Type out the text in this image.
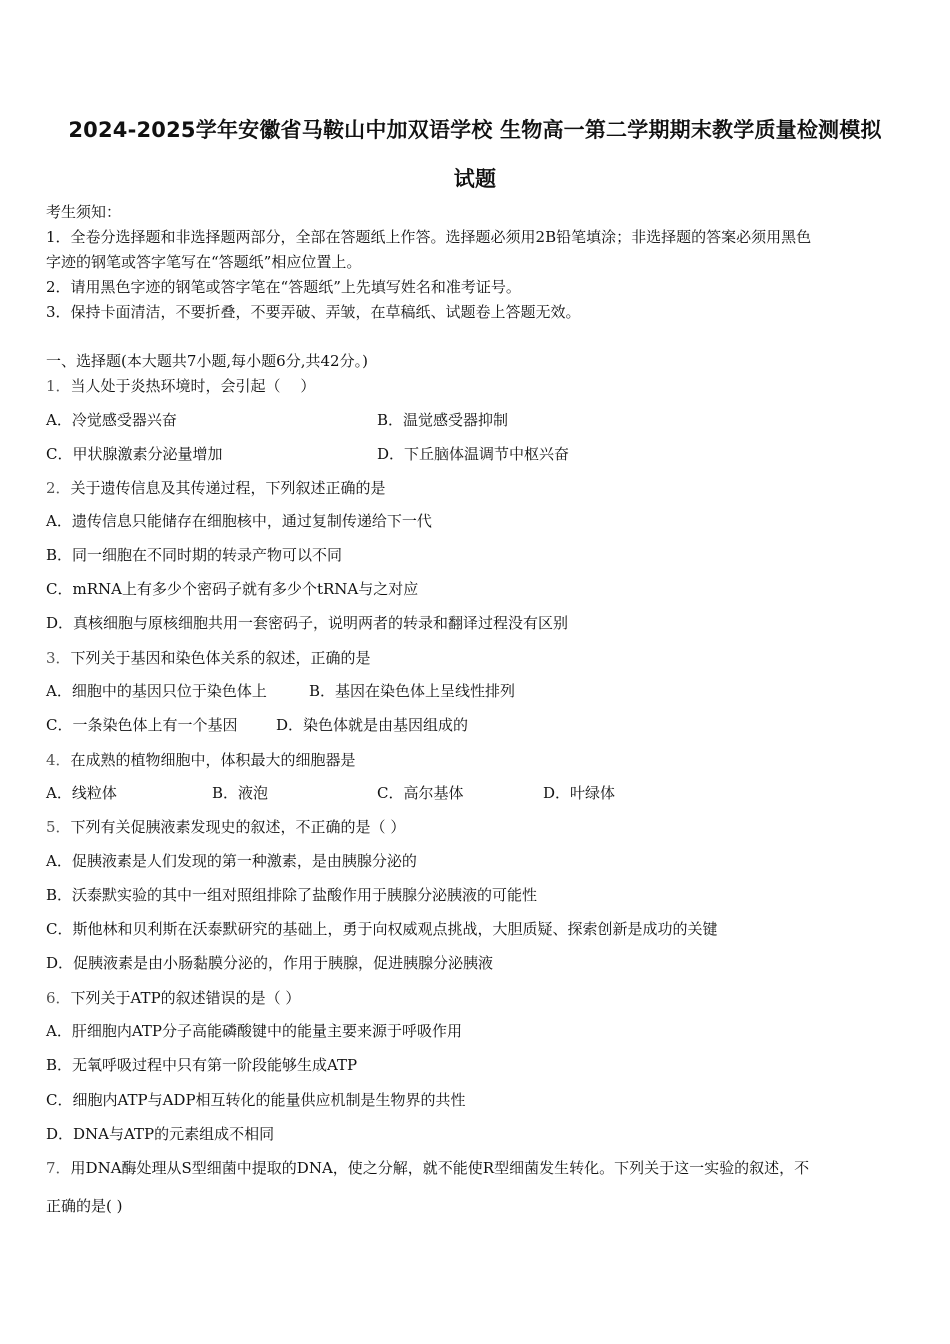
2024-2025学年安徽省马鞍山中加双语学校 生物高一第二学期期末教学质量检测模拟
试题
考生须知：
1．全卷分选择题和非选择题两部分，全部在答题纸上作答。选择题必须用2B铅笔填涂；非选择题的答案必须用黑色
字迹的钢笔或答字笔写在“答题纸”相应位置上。
2．请用黑色字迹的钢笔或答字笔在“答题纸”上先填写姓名和准考证号。
3．保持卡面清洁，不要折叠，不要弄破、弄皱，在草稿纸、试题卷上答题无效。
一、选择题(本大题共7小题,每小题6分,共42分。)
1．当人处于炎热环境时，会引起（　 ）
A．冷觉感受器兴奋	B．温觉感受器抑制
C．甲状腺激素分泌量增加	D．下丘脑体温调节中枢兴奋
2．关于遗传信息及其传递过程，下列叙述正确的是
A．遗传信息只能储存在细胞核中，通过复制传递给下一代
B．同一细胞在不同时期的转录产物可以不同
C．mRNA上有多少个密码子就有多少个tRNA与之对应
D．真核细胞与原核细胞共用一套密码子，说明两者的转录和翻译过程没有区别
3．下列关于基因和染色体关系的叙述，正确的是
A．细胞中的基因只位于染色体上	B．基因在染色体上呈线性排列
C．一条染色体上有一个基因	D．染色体就是由基因组成的
4．在成熟的植物细胞中，体积最大的细胞器是
A．线粒体	B．液泡	C．高尔基体	D．叶绿体
5．下列有关促胰液素发现史的叙述，不正确的是（ ）
A．促胰液素是人们发现的第一种激素，是由胰腺分泌的
B．沃泰默实验的其中一组对照组排除了盐酸作用于胰腺分泌胰液的可能性
C．斯他林和贝利斯在沃泰默研究的基础上，勇于向权威观点挑战，大胆质疑、探索创新是成功的关键
D．促胰液素是由小肠黏膜分泌的，作用于胰腺，促进胰腺分泌胰液
6．下列关于ATP的叙述错误的是（ ）
A．肝细胞内ATP分子高能磷酸键中的能量主要来源于呼吸作用
B．无氧呼吸过程中只有第一阶段能够生成ATP
C．细胞内ATP与ADP相互转化的能量供应机制是生物界的共性
D．DNA与ATP的元素组成不相同
7．用DNA酶处理从S型细菌中提取的DNA，使之分解，就不能使R型细菌发生转化。下列关于这一实验的叙述，不
正确的是( )
